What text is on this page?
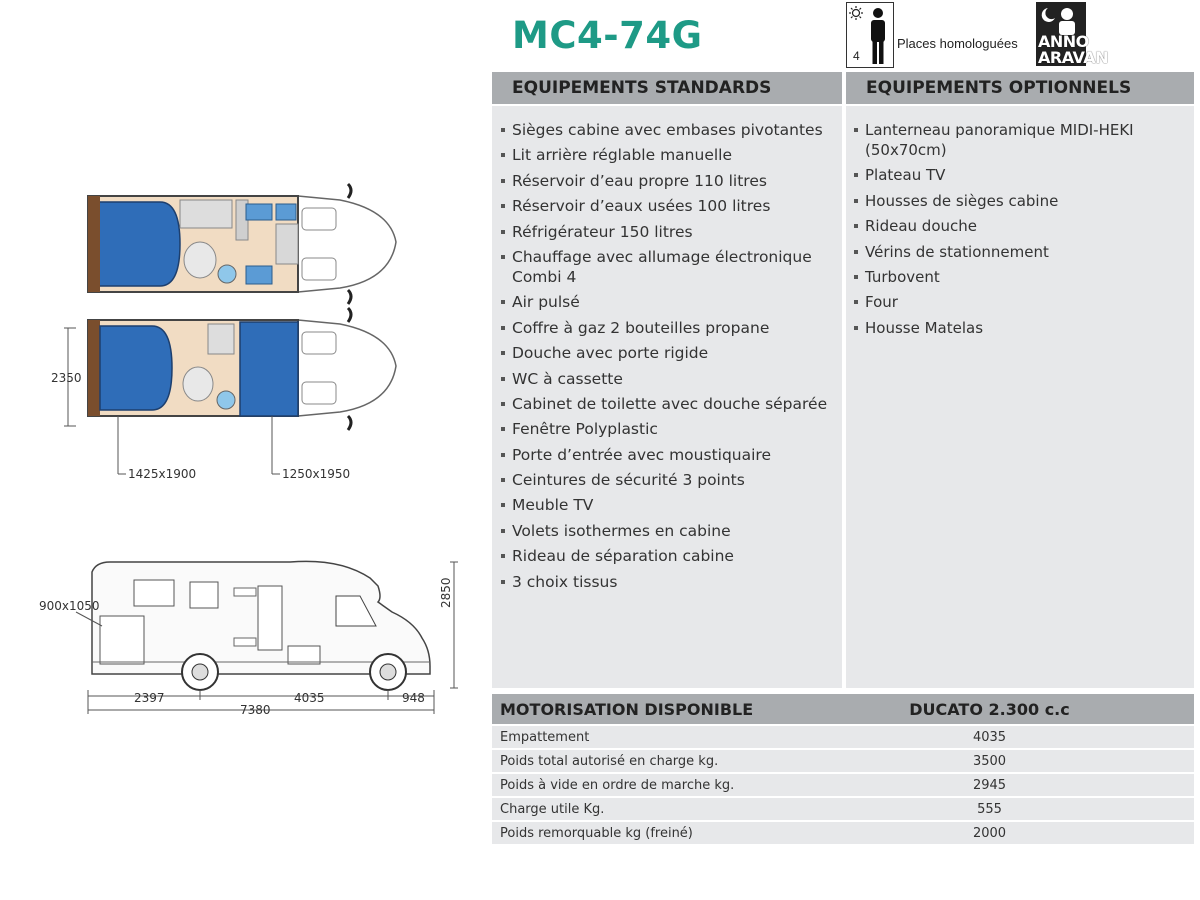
MC4-74G	4
Places homologuées ANNO
ARAVAN
EQUIPEMENTS STANDARDS
Sièges cabine avec embases pivotantes
Lit arrière réglable manuelle
Réservoir d’eau propre 110 litres
Réservoir d’eaux usées 100 litres
Réfrigérateur 150 litres
Chauffage avec allumage électronique Combi 4
Air pulsé
Coffre à gaz 2 bouteilles propane
Douche avec porte rigide
WC à cassette
Cabinet de toilette avec douche séparée
Fenêtre Polyplastic
Porte d’entrée avec moustiquaire
Ceintures de sécurité 3 points
Meuble TV
Volets isothermes en cabine
Rideau de séparation cabine
3 choix tissus
EQUIPEMENTS OPTIONNELS
Lanterneau panoramique MIDI-HEKI (50x70cm)
Plateau TV
Housses de sièges cabine
Rideau douche
Vérins de stationnement
Turbovent
Four
Housse Matelas
MOTORISATION DISPONIBLE	DUCATO 2.300 c.c
Empattement	4035
Poids total autorisé en charge kg.	3500
Poids à vide en ordre de marche kg.	2945
Charge utile Kg.	555
Poids remorquable kg (freiné)	2000
2350
1425x1900	1250x1950
900x1050	2850
2397	4035	948
7380
